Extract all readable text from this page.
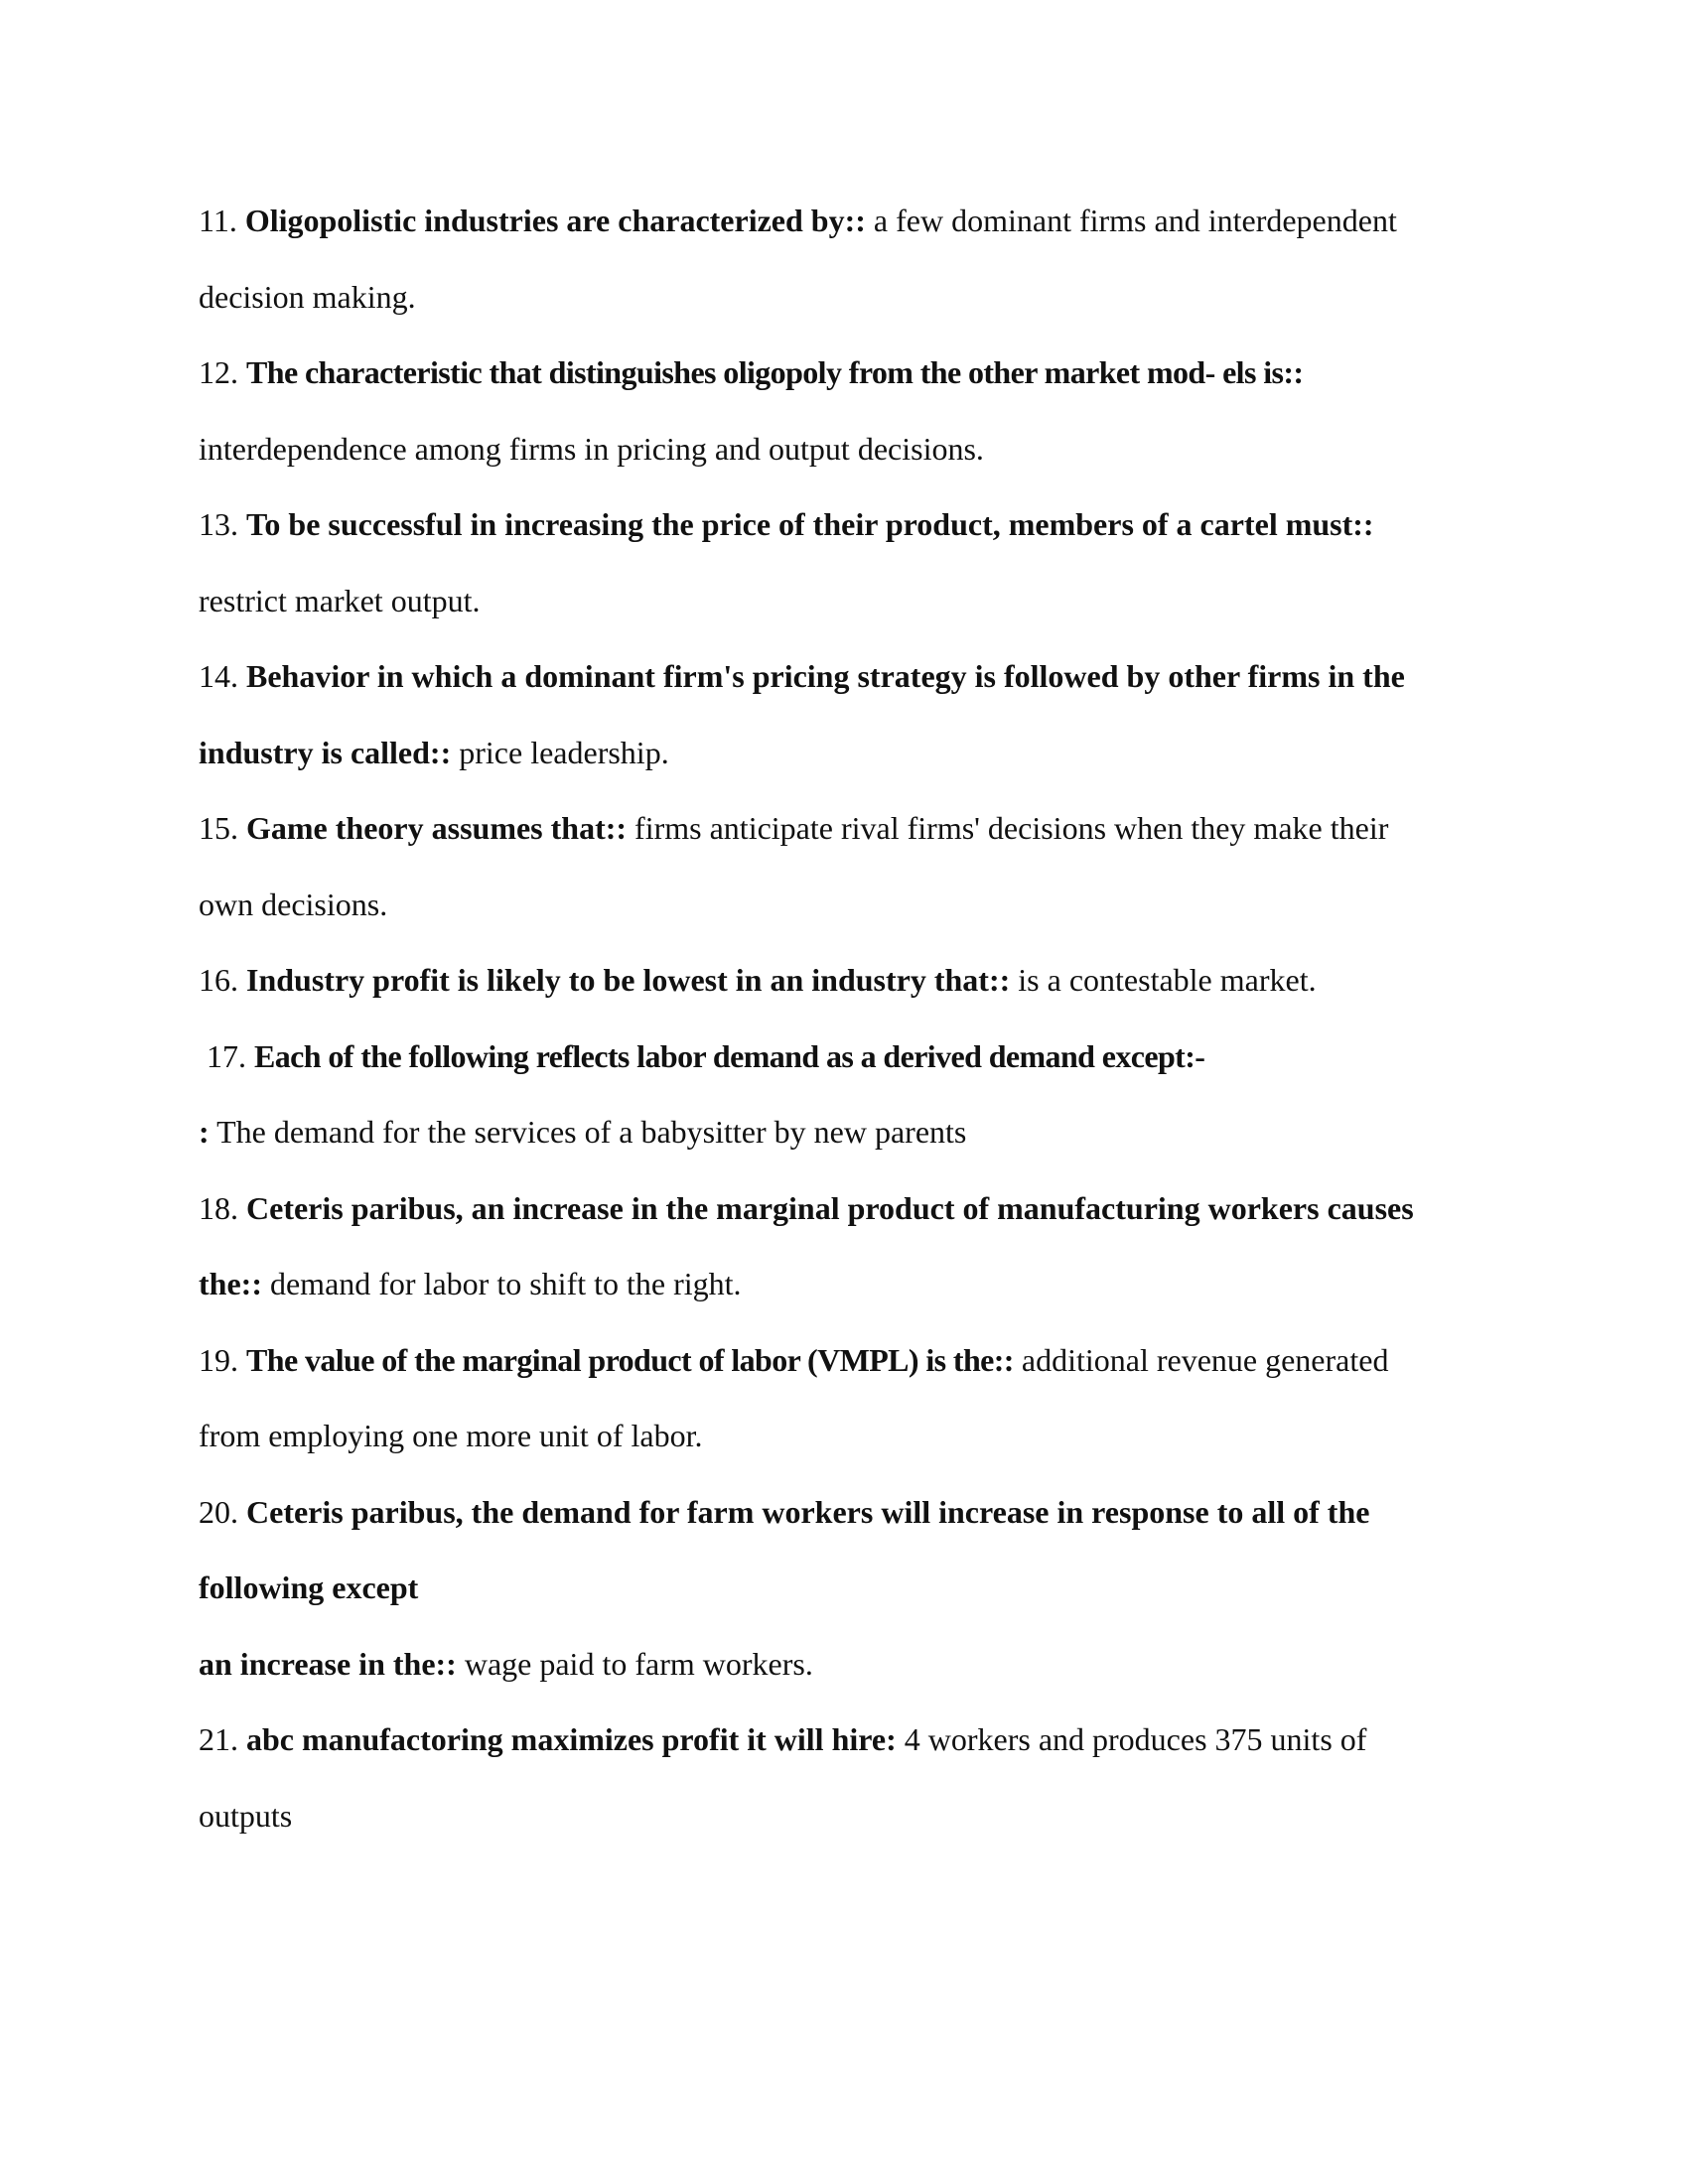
11. Oligopolistic industries are characterized by:: a few dominant firms and interdependent
decision making.
12. The characteristic that distinguishes oligopoly from the other market mod- els is::
interdependence among firms in pricing and output decisions.
13. To be successful in increasing the price of their product, members of a cartel must::
restrict market output.
14. Behavior in which a dominant firm's pricing strategy is followed by other firms in the
industry is called:: price leadership.
15. Game theory assumes that:: firms anticipate rival firms' decisions when they make their
own decisions.
16. Industry profit is likely to be lowest in an industry that:: is a contestable market.
17. Each of the following reflects labor demand as a derived demand except:-
: The demand for the services of a babysitter by new parents
18. Ceteris paribus, an increase in the marginal product of manufacturing workers causes
the:: demand for labor to shift to the right.
19. The value of the marginal product of labor (VMPL) is the:: additional revenue generated
from employing one more unit of labor.
20. Ceteris paribus, the demand for farm workers will increase in response to all of the
following except
an increase in the:: wage paid to farm workers.
21. abc manufactoring maximizes profit it will hire: 4 workers and produces 375 units of
outputs
